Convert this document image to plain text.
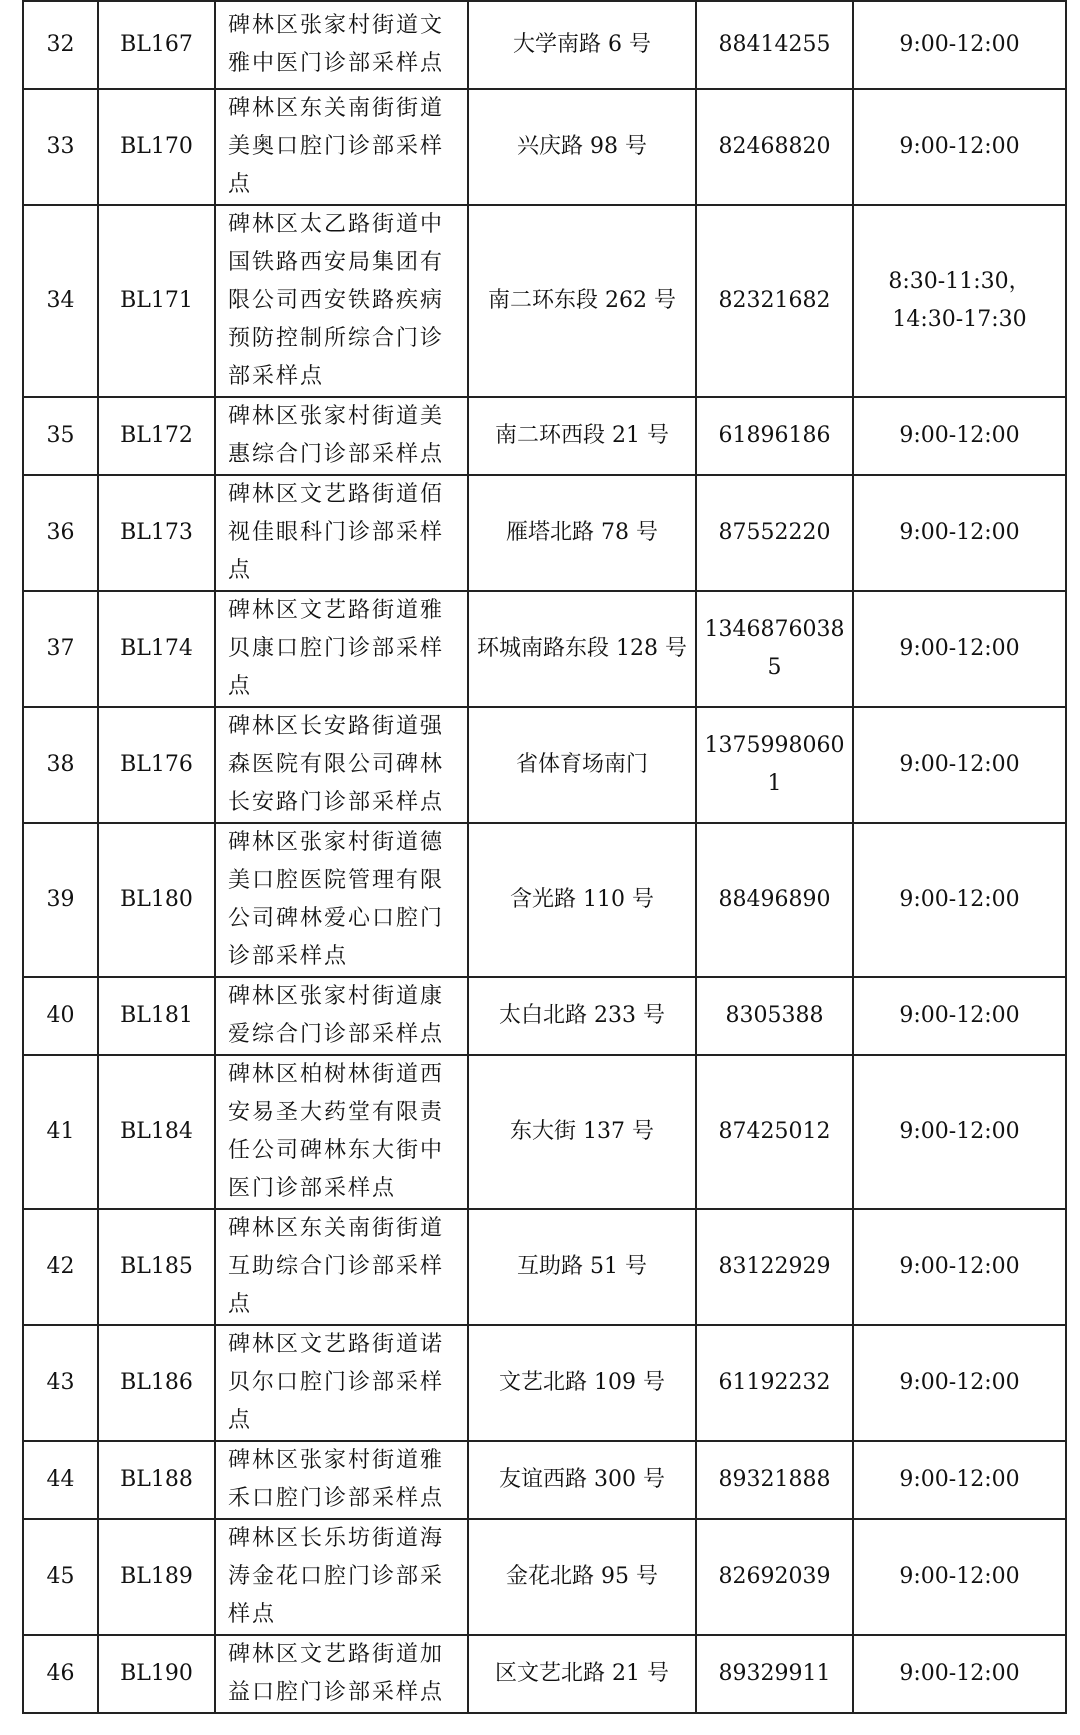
32	BL167	碑林区张家村街道文雅中医门诊部采样点	大学南路 6 号	88414255	9:00-12:00
33	BL170	碑林区东关南街街道美奥口腔门诊部采样点	兴庆路 98 号	82468820	9:00-12:00
34	BL171	碑林区太乙路街道中国铁路西安局集团有限公司西安铁路疾病预防控制所综合门诊部采样点	南二环东段 262 号	82321682	8:30-11:30，14:30-17:30
35	BL172	碑林区张家村街道美惠综合门诊部采样点	南二环西段 21 号	61896186	9:00-12:00
36	BL173	碑林区文艺路街道佰视佳眼科门诊部采样点	雁塔北路 78 号	87552220	9:00-12:00
37	BL174	碑林区文艺路街道雅贝康口腔门诊部采样点	环城南路东段 128 号	13468760385	9:00-12:00
38	BL176	碑林区长安路街道强森医院有限公司碑林长安路门诊部采样点	省体育场南门	13759980601	9:00-12:00
39	BL180	碑林区张家村街道德美口腔医院管理有限公司碑林爱心口腔门诊部采样点	含光路 110 号	88496890	9:00-12:00
40	BL181	碑林区张家村街道康爱综合门诊部采样点	太白北路 233 号	8305388	9:00-12:00
41	BL184	碑林区柏树林街道西安易圣大药堂有限责任公司碑林东大街中医门诊部采样点	东大街 137 号	87425012	9:00-12:00
42	BL185	碑林区东关南街街道互助综合门诊部采样点	互助路 51 号	83122929	9:00-12:00
43	BL186	碑林区文艺路街道诺贝尔口腔门诊部采样点	文艺北路 109 号	61192232	9:00-12:00
44	BL188	碑林区张家村街道雅禾口腔门诊部采样点	友谊西路 300 号	89321888	9:00-12:00
45	BL189	碑林区长乐坊街道海涛金花口腔门诊部采样点	金花北路 95 号	82692039	9:00-12:00
46	BL190	碑林区文艺路街道加益口腔门诊部采样点	区文艺北路 21 号	89329911	9:00-12:00
